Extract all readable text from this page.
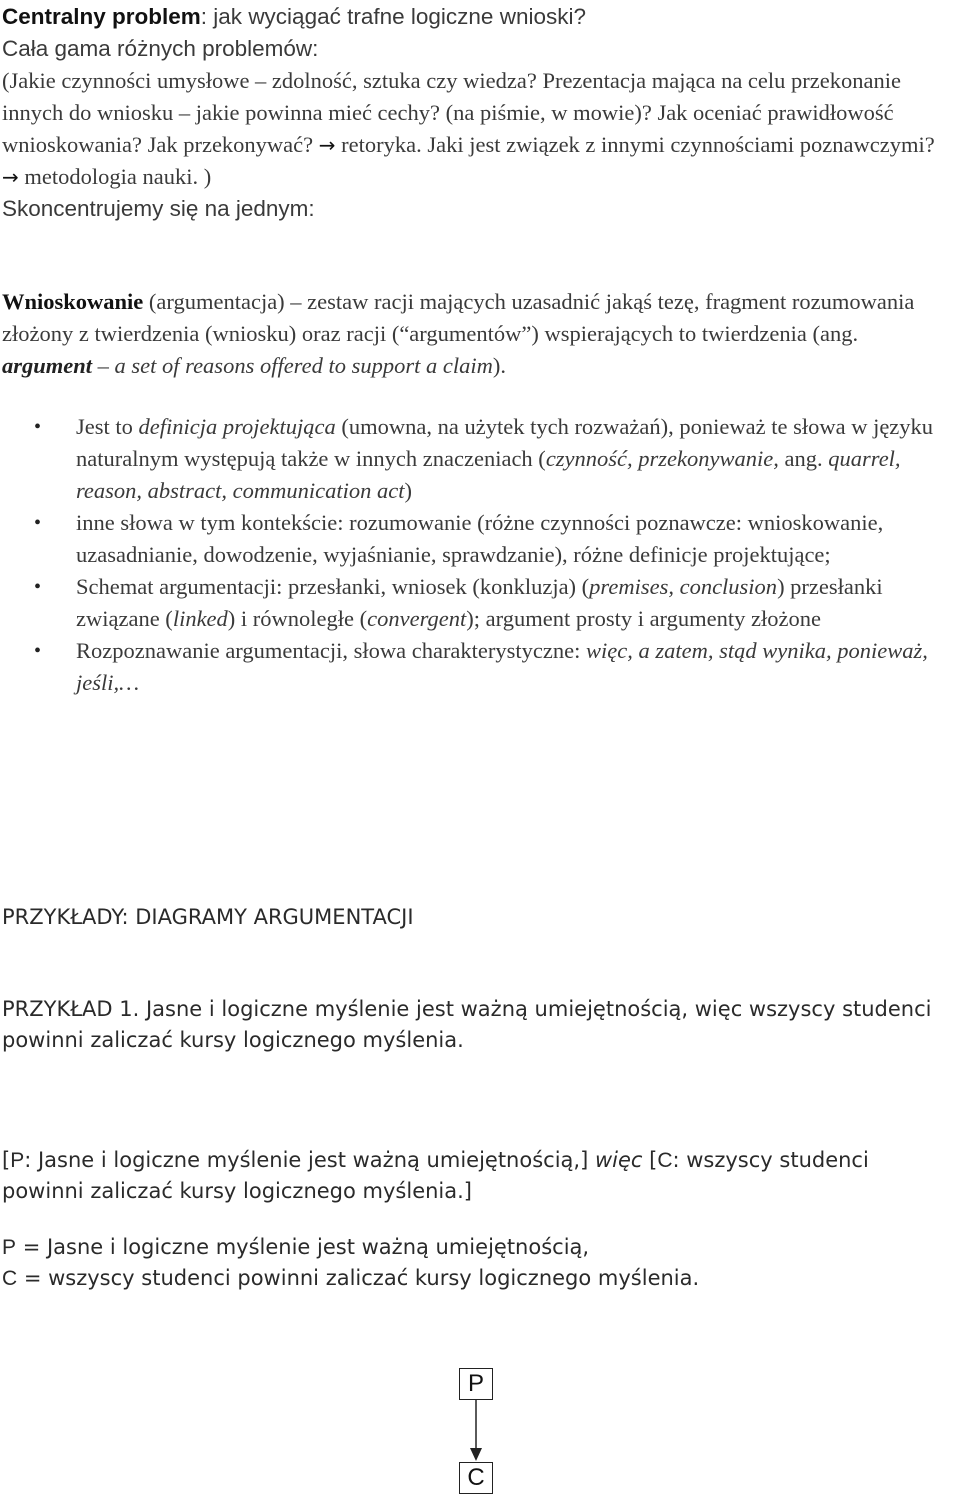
Centralny problem: jak wyciągać trafne logiczne wnioski?
Cała gama różnych problemów:
(Jakie czynności umysłowe – zdolność, sztuka czy wiedza? Prezentacja mająca na celu przekonanie innych do wniosku – jakie powinna mieć cechy? (na piśmie, w mowie)? Jak oceniać prawidłowość wnioskowania? Jak przekonywać? → retoryka. Jaki jest związek z innymi czynnościami poznawczymi? → metodologia nauki. )
Skoncentrujemy się na jednym:
Wnioskowanie (argumentacja) – zestaw racji mających uzasadnić jakąś tezę, fragment rozumowania złożony z twierdzenia (wniosku) oraz racji (“argumentów”) wspierających to twierdzenia (ang. argument – a set of reasons offered to support a claim).
• Jest to definicja projektująca (umowna, na użytek tych rozważań), ponieważ te słowa w języku naturalnym występują także w innych znaczeniach (czynność, przekonywanie, ang. quarrel, reason, abstract, communication act)
• inne słowa w tym kontekście: rozumowanie (różne czynności poznawcze: wnioskowanie, uzasadnianie, dowodzenie, wyjaśnianie, sprawdzanie), różne definicje projektujące;
• Schemat argumentacji: przesłanki, wniosek (konkluzja) (premises, conclusion) przesłanki związane (linked) i równoległe (convergent); argument prosty i argumenty złożone
• Rozpoznawanie argumentacji, słowa charakterystyczne: więc, a zatem, stąd wynika, ponieważ, jeśli,…
PRZYKŁADY: DIAGRAMY ARGUMENTACJI
PRZYKŁAD 1. Jasne i logiczne myślenie jest ważną umiejętnością, więc wszyscy studenci powinni zaliczać kursy logicznego myślenia.
[P: Jasne i logiczne myślenie jest ważną umiejętnością,] więc [C: wszyscy studenci powinni zaliczać kursy logicznego myślenia.]
P = Jasne i logiczne myślenie jest ważną umiejętnością,
C = wszyscy studenci powinni zaliczać kursy logicznego myślenia.
P
C
